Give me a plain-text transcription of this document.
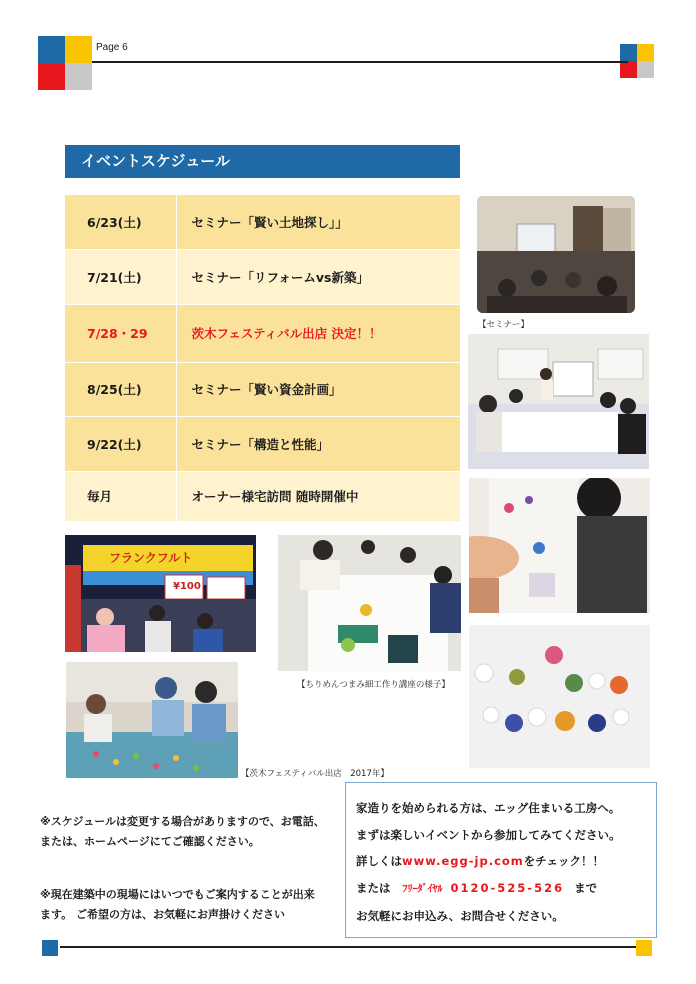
Page 6
イベントスケジュール
6/23(土)	セミナー「賢い土地探し」」
7/21(土)	セミナー「リフォームvs新築」
7/28・29	茨木フェスティバル出店 決定！！
8/25(土)	セミナー「賢い資金計画」
9/22(土)	セミナー「構造と性能」
毎月	オーナー様宅訪問 随時開催中
【セミナー】
フランクフルト
¥100
【ちりめんつまみ細工作り講座の様子】
【茨木フェスティバル出店　2017年】
※スケジュールは変更する場合がありますので、お電話、
または、ホームページにてご確認ください。
※現在建築中の現場にはいつでもご案内することが出来
ます。 ご希望の方は、お気軽にお声掛けください

家造りを始められる方は、エッグ住まいる工房へ。

まずは楽しいイベントから参加してみてください。

詳しくはwww.egg-jp.comをチェック！！

または ﾌﾘｰﾀﾞｲﾔﾙ 0120-525-526 まで

お気軽にお申込み、お問合せください。
